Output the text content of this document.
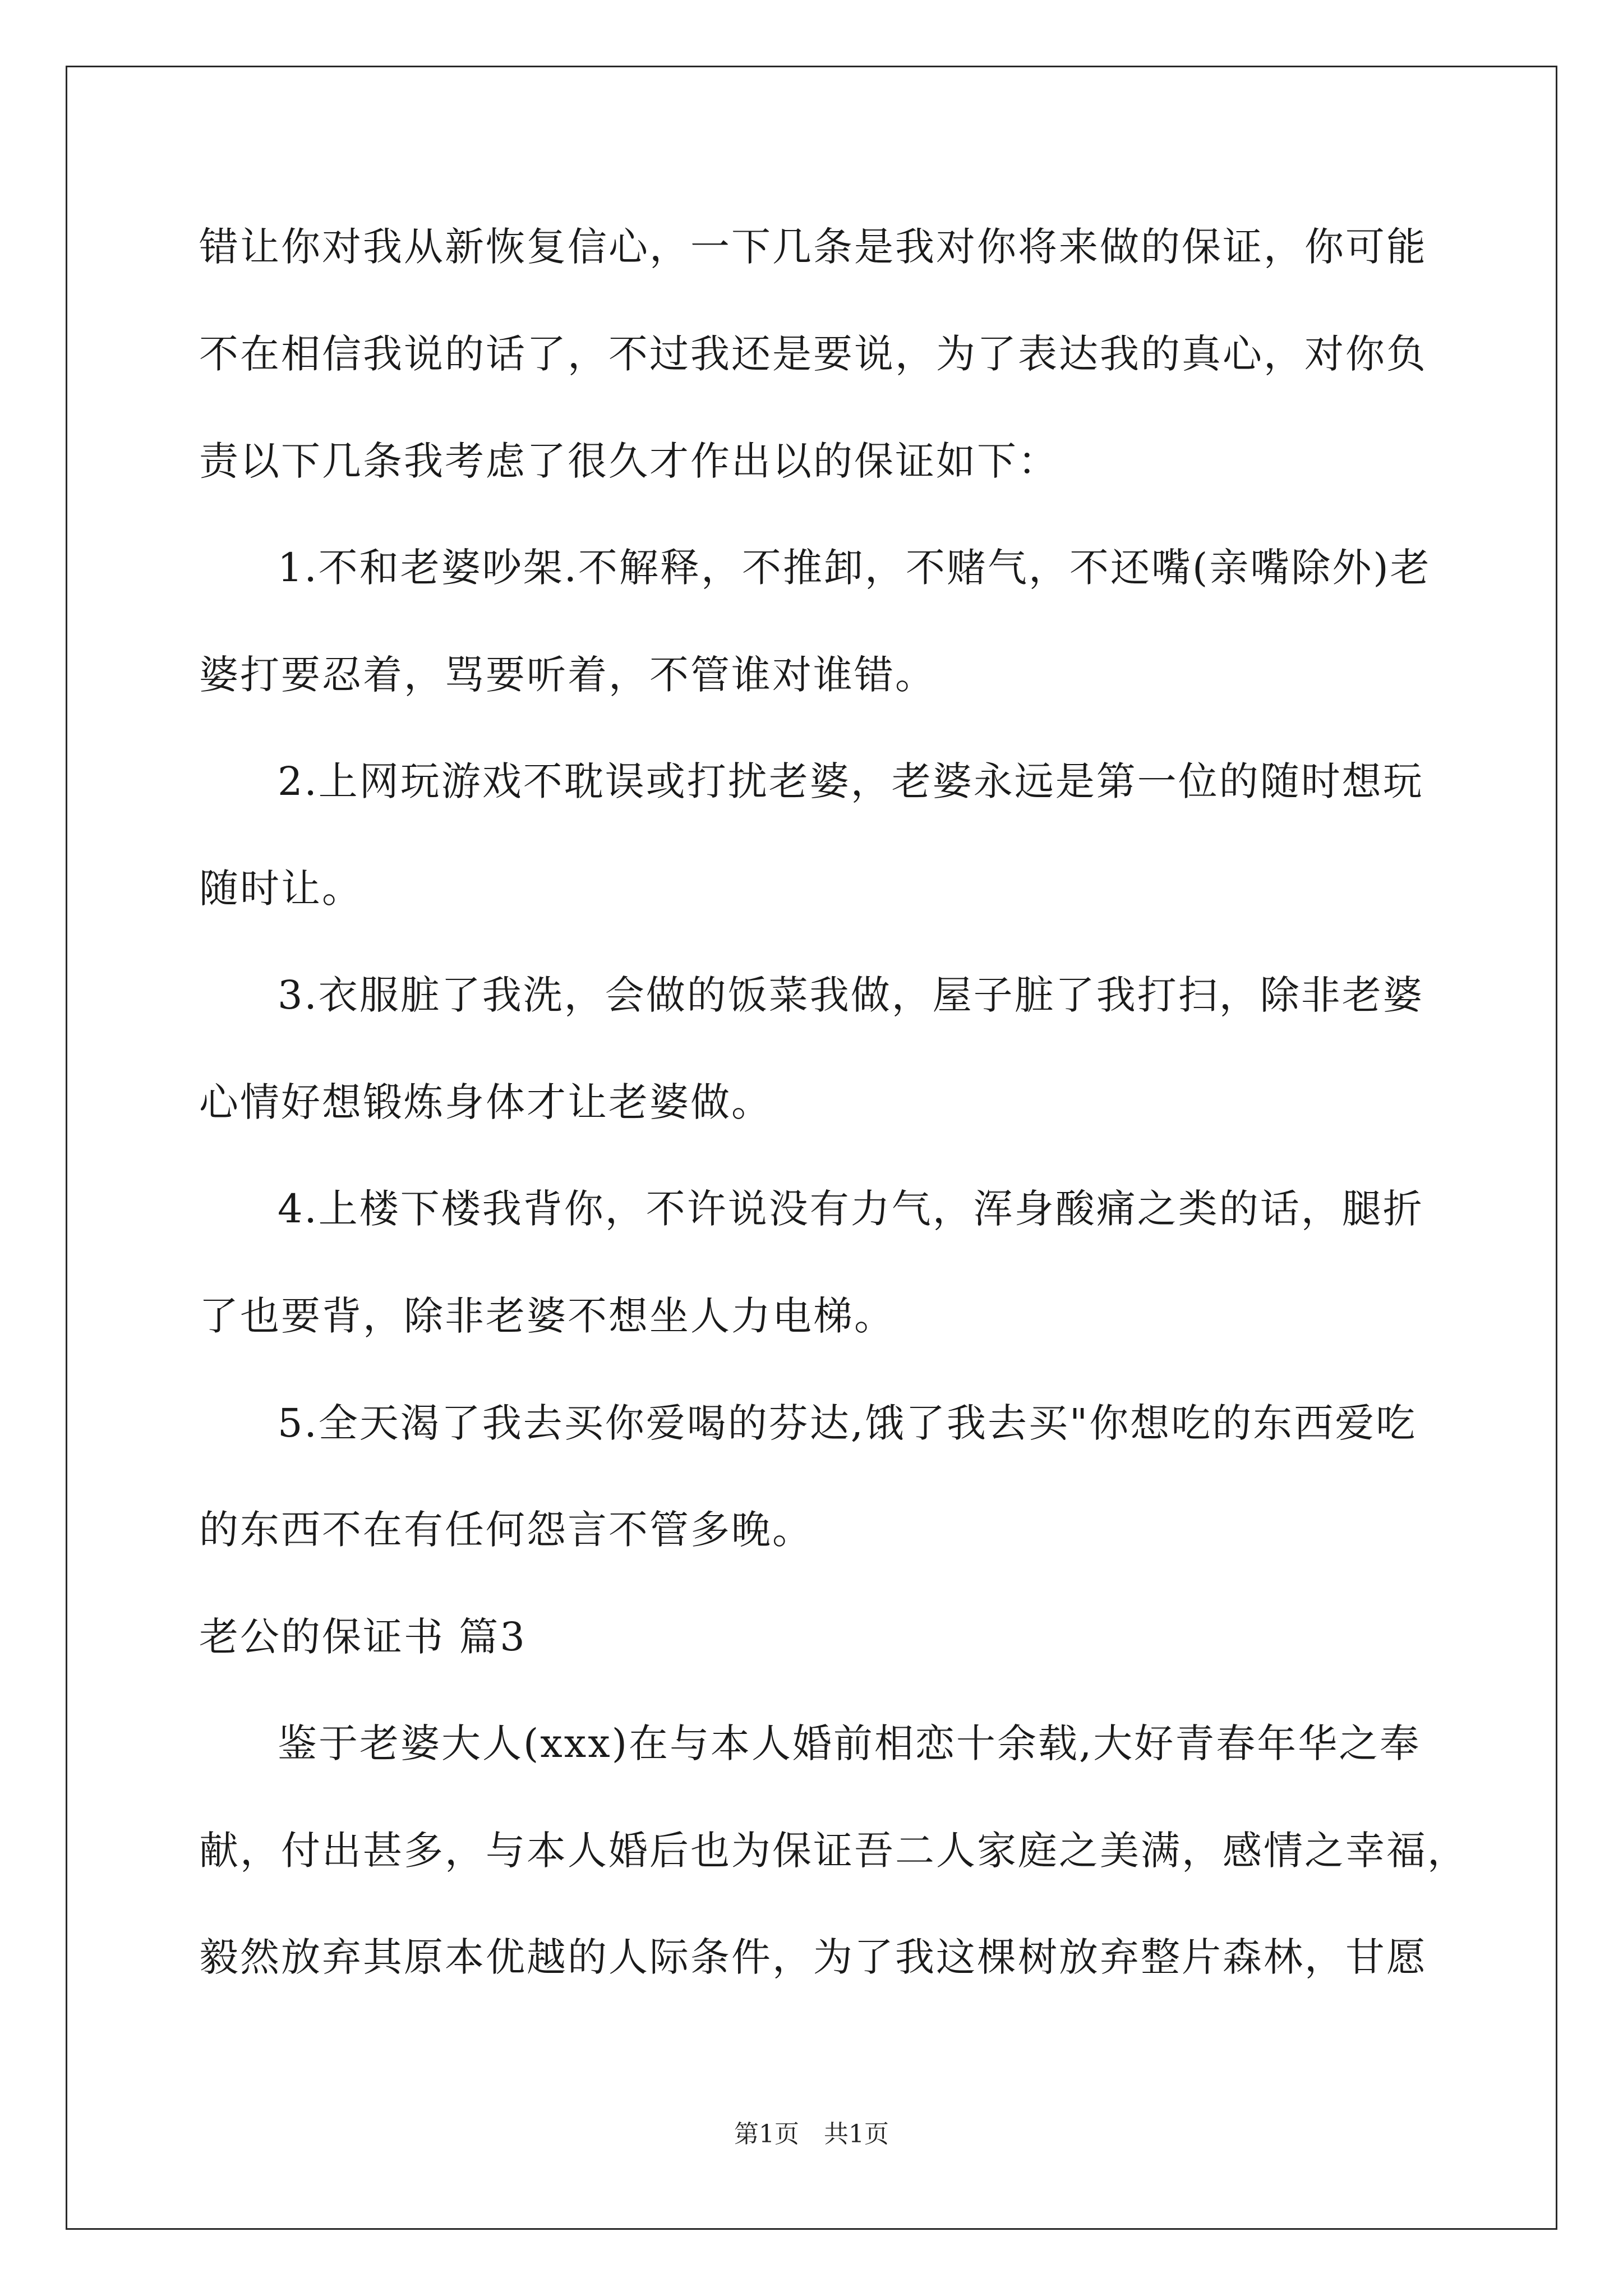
错让你对我从新恢复信心，一下几条是我对你将来做的保证，你可能
不在相信我说的话了，不过我还是要说，为了表达我的真心，对你负
责以下几条我考虑了很久才作出以的保证如下：
1.不和老婆吵架.不解释，不推卸，不赌气，不还嘴(亲嘴除外)老
婆打要忍着，骂要听着，不管谁对谁错。
2.上网玩游戏不耽误或打扰老婆，老婆永远是第一位的随时想玩
随时让。
3.衣服脏了我洗，会做的饭菜我做，屋子脏了我打扫，除非老婆
心情好想锻炼身体才让老婆做。
4.上楼下楼我背你，不许说没有力气，浑身酸痛之类的话，腿折
了也要背，除非老婆不想坐人力电梯。
5.全天渴了我去买你爱喝的芬达,饿了我去买"你想吃的东西爱吃
的东西不在有任何怨言不管多晚。
老公的保证书 篇3
鉴于老婆大人(xxx)在与本人婚前相恋十余载,大好青春年华之奉
献，付出甚多，与本人婚后也为保证吾二人家庭之美满，感情之幸福，
毅然放弃其原本优越的人际条件，为了我这棵树放弃整片森林，甘愿
第1页　共1页
